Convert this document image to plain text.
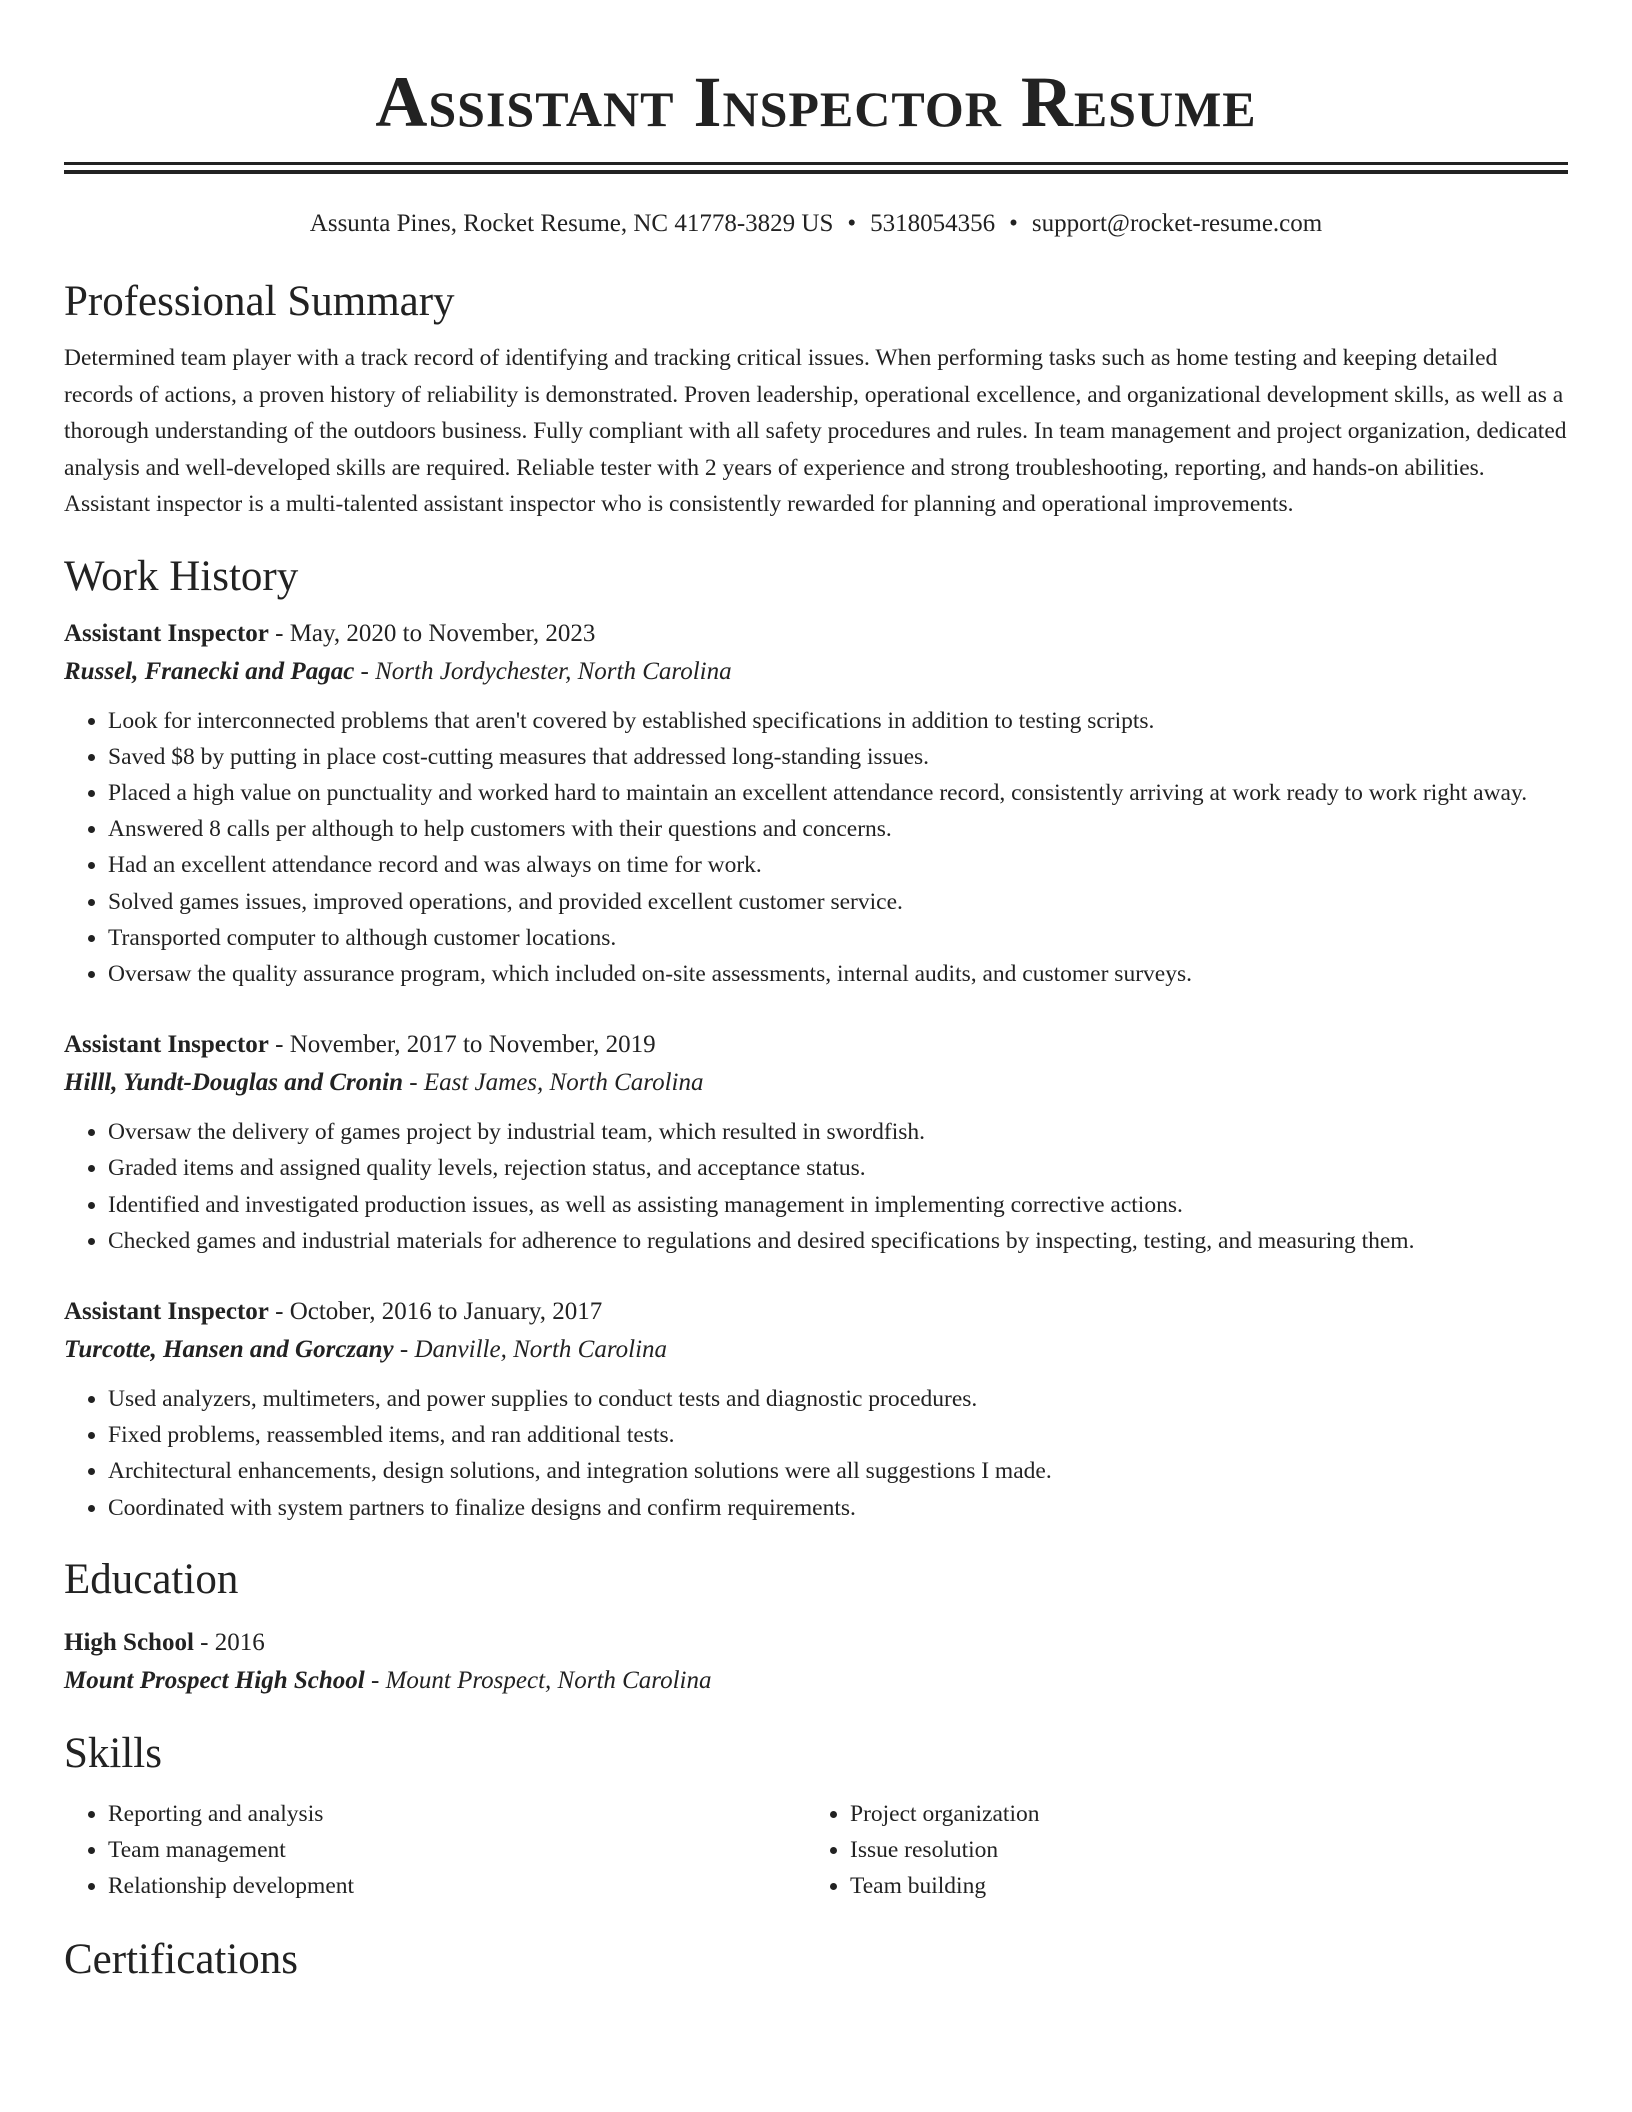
Assistant Inspector Resume
Assunta Pines, Rocket Resume, NC 41778-3829 US • 5318054356 • support@rocket-resume.com
Professional Summary

Determined team player with a track record of identifying and tracking critical issues. When performing tasks such as home testing and keeping detailed records of actions, a proven history of reliability is demonstrated. Proven leadership, operational excellence, and organizational development skills, as well as a thorough understanding of the outdoors business. Fully compliant with all safety procedures and rules. In team management and project organization, dedicated analysis and well-developed skills are required. Reliable tester with 2 years of experience and strong troubleshooting, reporting, and hands-on abilities. Assistant inspector is a multi-talented assistant inspector who is consistently rewarded for planning and operational improvements.

Work History
Assistant Inspector - May, 2020 to November, 2023
Russel, Franecki and Pagac - North Jordychester, North Carolina
• Look for interconnected problems that aren't covered by established specifications in addition to testing scripts.
• Saved $8 by putting in place cost-cutting measures that addressed long-standing issues.
• Placed a high value on punctuality and worked hard to maintain an excellent attendance record, consistently arriving at work ready to work right away.
• Answered 8 calls per although to help customers with their questions and concerns.
• Had an excellent attendance record and was always on time for work.
• Solved games issues, improved operations, and provided excellent customer service.
• Transported computer to although customer locations.
• Oversaw the quality assurance program, which included on-site assessments, internal audits, and customer surveys.
Assistant Inspector - November, 2017 to November, 2019
Hilll, Yundt-Douglas and Cronin - East James, North Carolina
• Oversaw the delivery of games project by industrial team, which resulted in swordfish.
• Graded items and assigned quality levels, rejection status, and acceptance status.
• Identified and investigated production issues, as well as assisting management in implementing corrective actions.
• Checked games and industrial materials for adherence to regulations and desired specifications by inspecting, testing, and measuring them.
Assistant Inspector - October, 2016 to January, 2017
Turcotte, Hansen and Gorczany - Danville, North Carolina
• Used analyzers, multimeters, and power supplies to conduct tests and diagnostic procedures.
• Fixed problems, reassembled items, and ran additional tests.
• Architectural enhancements, design solutions, and integration solutions were all suggestions I made.
• Coordinated with system partners to finalize designs and confirm requirements.
Education
High School - 2016
Mount Prospect High School - Mount Prospect, North Carolina
Skills
• Reporting and analysis
• Team management
• Relationship development
• Project organization
• Issue resolution
• Team building
Certifications
